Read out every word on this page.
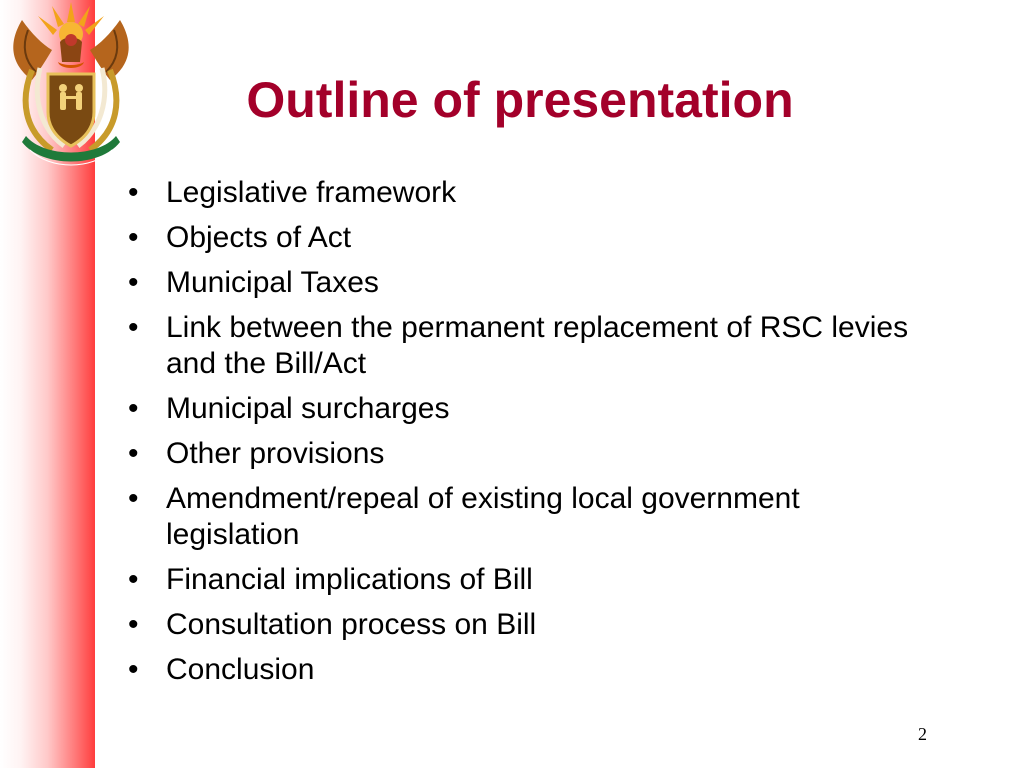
Outline of presentation
• Legislative framework
• Objects of Act
• Municipal Taxes
• Link between the permanent replacement of RSC levies and the Bill/Act
• Municipal surcharges
• Other provisions
• Amendment/repeal of existing local government legislation
• Financial implications of Bill
• Consultation process on Bill
• Conclusion
2
